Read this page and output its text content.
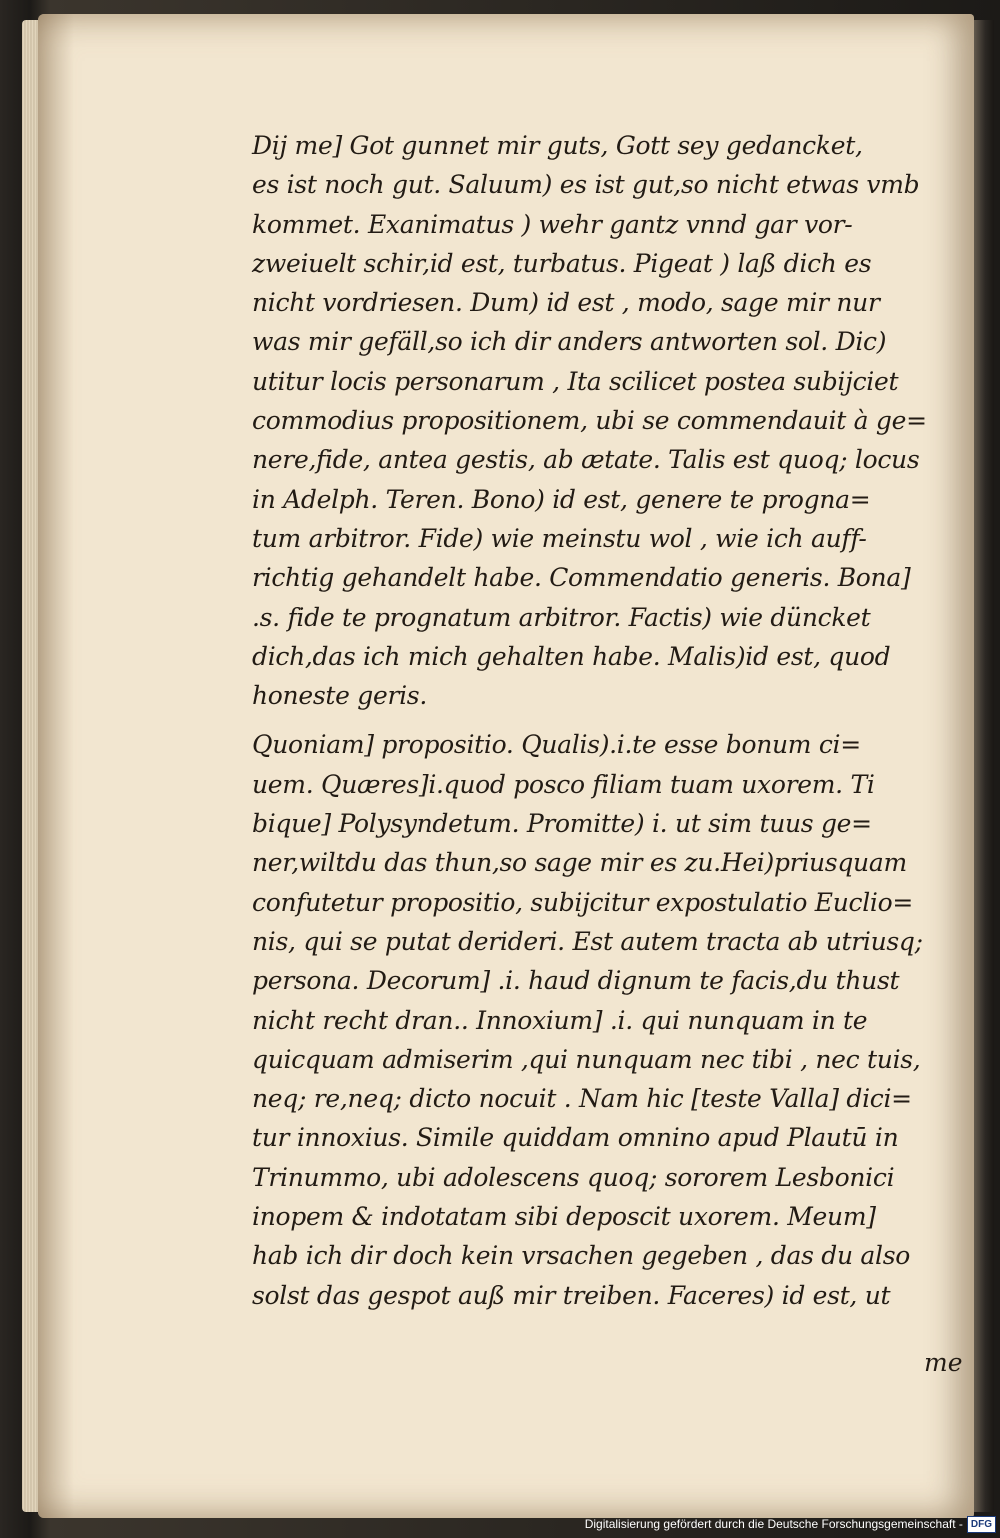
Dij me] Got gunnet mir guts, Gott sey gedancket,
es ist noch gut. Saluum) es ist gut,so nicht etwas vmb
kommet. Exanimatus ) wehr gantz vnnd gar vor-
zweiuelt schir,id est, turbatus. Pigeat ) laß dich es
nicht vordriesen. Dum) id est , modo, sage mir nur
was mir gefäll,so ich dir anders antworten sol. Dic)
utitur locis personarum , Ita scilicet postea subijciet
commodius propositionem, ubi se commendauit à ge=
nere,fide, antea gestis, ab ætate. Talis est quoq; locus
in Adelph. Teren. Bono) id est, genere te progna=
tum arbitror. Fide) wie meinstu wol , wie ich auff-
richtig gehandelt habe. Commendatio generis. Bona]
.s. fide te prognatum arbitror. Factis) wie düncket
dich,das ich mich gehalten habe. Malis)id est, quod
honeste geris.
Quoniam] propositio. Qualis).i.te esse bonum ci=
uem. Quæres]i.quod posco filiam tuam uxorem. Ti
bique] Polysyndetum. Promitte) i. ut sim tuus ge=
ner,wiltdu das thun,so sage mir es zu.Hei)priusquam
confutetur propositio, subijcitur expostulatio Euclio=
nis, qui se putat derideri. Est autem tracta ab utriusq;
persona. Decorum] .i. haud dignum te facis,du thust
nicht recht dran.. Innoxium] .i. qui nunquam in te
quicquam admiserim ,qui nunquam nec tibi , nec tuis,
neq; re,neq; dicto nocuit . Nam hic [teste Valla] dici=
tur innoxius. Simile quiddam omnino apud Plautū in
Trinummo, ubi adolescens quoq; sororem Lesbonici
inopem & indotatam sibi deposcit uxorem. Meum]
hab ich dir doch kein vrsachen gegeben , das du also
solst das gespot auß mir treiben. Faceres) id est, ut
me
Digitalisierung gefördert durch die Deutsche Forschungsgemeinschaft - DFG
